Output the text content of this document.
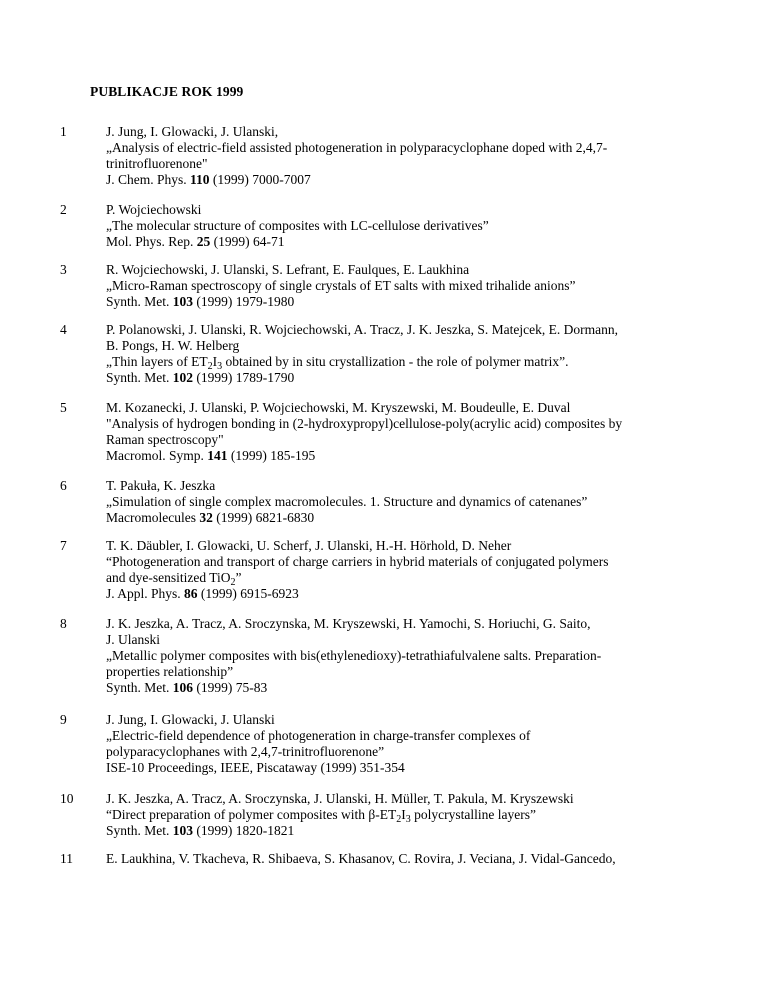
PUBLIKACJE ROK 1999
1	J. Jung, I. Glowacki, J. Ulanski,
„Analysis of electric-field assisted photogeneration in polyparacyclophane doped with 2,4,7-
trinitrofluorenone"
J. Chem. Phys. 110 (1999) 7000-7007
2	P. Wojciechowski
„The molecular structure of composites with LC-cellulose derivatives”
Mol. Phys. Rep. 25 (1999) 64-71
3	R. Wojciechowski, J. Ulanski, S. Lefrant, E. Faulques, E. Laukhina
„Micro-Raman spectroscopy of single crystals of ET salts with mixed trihalide anions”
Synth. Met. 103 (1999) 1979-1980
4	P. Polanowski, J. Ulanski, R. Wojciechowski, A. Tracz, J. K. Jeszka, S. Matejcek, E. Dormann,
B. Pongs, H. W. Helberg
„Thin layers of $ET_2I_3$ obtained by in situ crystallization - the role of polymer matrix”.
Synth. Met. 102 (1999) 1789-1790
5	M. Kozanecki, J. Ulanski, P. Wojciechowski, M. Kryszewski, M. Boudeulle, E. Duval
"Analysis of hydrogen bonding in (2-hydroxypropyl)cellulose-poly(acrylic acid) composites by
Raman spectroscopy"
Macromol. Symp. 141 (1999) 185-195
6	T. Pakuła, K. Jeszka
„Simulation of single complex macromolecules. 1. Structure and dynamics of catenanes”
Macromolecules 32 (1999) 6821-6830
7	T. K. Däubler, I. Glowacki, U. Scherf, J. Ulanski, H.-H. Hörhold, D. Neher
“Photogeneration and transport of charge carriers in hybrid materials of conjugated polymers
and dye-sensitized TiO$_2$”
J. Appl. Phys. 86 (1999) 6915-6923
8	J. K. Jeszka, A. Tracz, A. Sroczynska, M. Kryszewski, H. Yamochi, S. Horiuchi, G. Saito,
J. Ulanski
„Metallic polymer composites with bis(ethylenedioxy)-tetrathiafulvalene salts. Preparation-
properties relationship”
Synth. Met. 106 (1999) 75-83
9	J. Jung, I. Glowacki, J. Ulanski
„Electric-field dependence of photogeneration in charge-transfer complexes of
polyparacyclophanes with 2,4,7-trinitrofluorenone”
ISE-10 Proceedings, IEEE, Piscataway (1999) 351-354
10	J. K. Jeszka, A. Tracz, A. Sroczynska, J. Ulanski, H. Müller, T. Pakula, M. Kryszewski
“Direct preparation of polymer composites with $\beta-ET_2I_3$ polycrystalline layers”
Synth. Met. 103 (1999) 1820-1821
11	E. Laukhina, V. Tkacheva, R. Shibaeva, S. Khasanov, C. Rovira, J. Veciana, J. Vidal-Gancedo,
